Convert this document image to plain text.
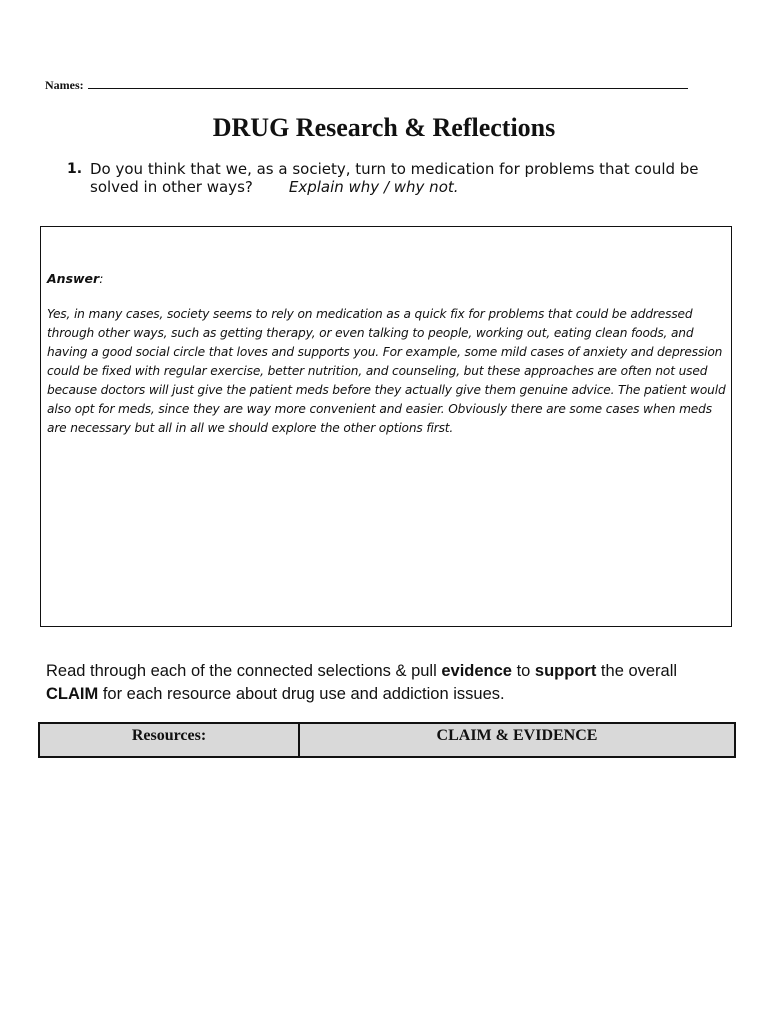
Names:
DRUG Research & Reflections
1. Do you think that we, as a society, turn to medication for problems that could be solved in other ways? Explain why / why not.
Answer:
Yes, in many cases, society seems to rely on medication as a quick fix for problems that could be addressed through other ways, such as getting therapy, or even talking to people, working out, eating clean foods, and having a good social circle that loves and supports you. For example, some mild cases of anxiety and depression could be fixed with regular exercise, better nutrition, and counseling, but these approaches are often not used because doctors will just give the patient meds before they actually give them genuine advice. The patient would also opt for meds, since they are way more convenient and easier. Obviously there are some cases when meds are necessary but all in all we should explore the other options first.
Read through each of the connected selections & pull evidence to support the overall
CLAIM for each resource about drug use and addiction issues.
Resources:	CLAIM & EVIDENCE
